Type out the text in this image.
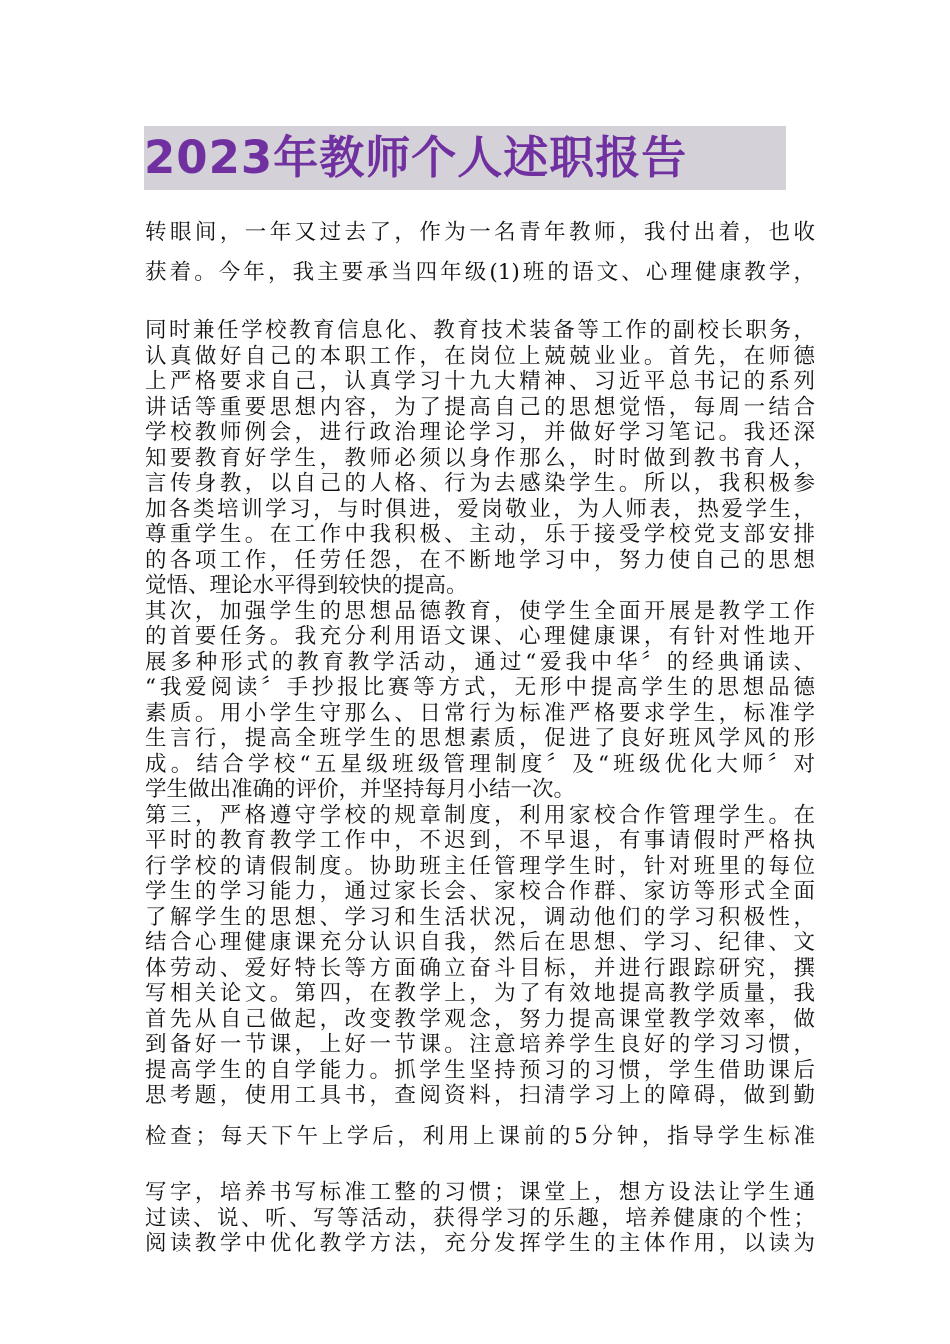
2023年教师个人述职报告
转眼间，一年又过去了，作为一名青年教师，我付出着，也收
获着。今年，我主要承当四年级(1)班的语文、心理健康教学，
同时兼任学校教育信息化、教育技术装备等工作的副校长职务，
认真做好自己的本职工作，在岗位上兢兢业业。首先，在师德
上严格要求自己，认真学习十九大精神、习近平总书记的系列
讲话等重要思想内容，为了提高自己的思想觉悟，每周一结合
学校教师例会，进行政治理论学习，并做好学习笔记。我还深
知要教育好学生，教师必须以身作那么，时时做到教书育人，
言传身教，以自己的人格、行为去感染学生。所以，我积极参
加各类培训学习，与时俱进，爱岗敬业，为人师表，热爱学生，
尊重学生。在工作中我积极、主动，乐于接受学校党支部安排
的各项工作，任劳任怨，在不断地学习中，努力使自己的思想
觉悟、理论水平得到较快的提高。
其次，加强学生的思想品德教育，使学生全面开展是教学工作
的首要任务。我充分利用语文课、心理健康课，有针对性地开
展多种形式的教育教学活动，通过“爱我中华〞的经典诵读、
“我爱阅读〞手抄报比赛等方式，无形中提高学生的思想品德
素质。用小学生守那么、日常行为标准严格要求学生，标准学
生言行，提高全班学生的思想素质，促进了良好班风学风的形
成。结合学校“五星级班级管理制度〞及“班级优化大师〞对
学生做出准确的评价，并坚持每月小结一次。
第三，严格遵守学校的规章制度，利用家校合作管理学生。在
平时的教育教学工作中，不迟到，不早退，有事请假时严格执
行学校的请假制度。协助班主任管理学生时，针对班里的每位
学生的学习能力，通过家长会、家校合作群、家访等形式全面
了解学生的思想、学习和生活状况，调动他们的学习积极性，
结合心理健康课充分认识自我，然后在思想、学习、纪律、文
体劳动、爱好特长等方面确立奋斗目标，并进行跟踪研究，撰
写相关论文。第四，在教学上，为了有效地提高教学质量，我
首先从自己做起，改变教学观念，努力提高课堂教学效率，做
到备好一节课，上好一节课。注意培养学生良好的学习习惯，
提高学生的自学能力。抓学生坚持预习的习惯，学生借助课后
思考题，使用工具书，查阅资料，扫清学习上的障碍，做到勤
检查；每天下午上学后，利用上课前的5分钟，指导学生标准
写字，培养书写标准工整的习惯；课堂上，想方设法让学生通
过读、说、听、写等活动，获得学习的乐趣，培养健康的个性；
阅读教学中优化教学方法，充分发挥学生的主体作用，以读为
